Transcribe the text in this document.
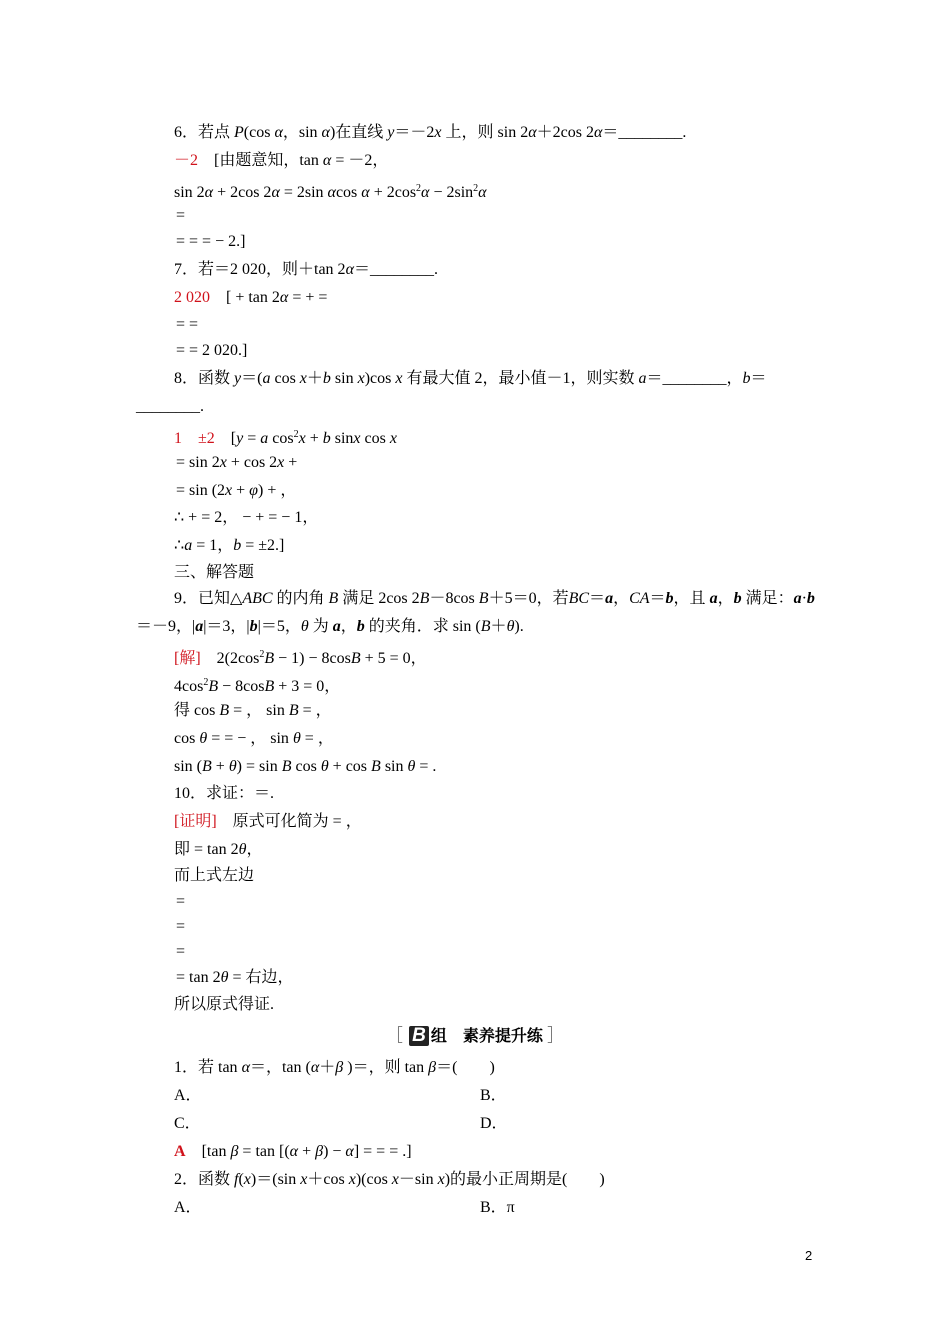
［ B 组　素养提升练 ］
2
6．若点 P(cos α，sin α)在直线 y＝－2x 上，则 sin 2α＋2cos 2α＝________.
－2　[由题意知，tan α = －2，
sin 2α + 2cos 2α = 2sin αcos $\alpha + 2\cos^2\alpha - 2\sin^2\alpha$
=
= = = − 2.]
7．若＝2 020，则＋tan 2α＝________.
2 020　[ + tan 2α = + =
= =
= = 2 020.]
8．函数 y＝(a cos x＋b sin x)cos x 有最大值 2，最小值－1，则实数 a＝________，b＝
________.
1　±2　[y = a $\cos^2x + b$ sinx cos x
= sin 2x + cos 2x +
= sin (2x + φ) + ，
∴ + = 2， − + = − 1，
∴a = 1，b = ±2.]
三、解答题
9．已知△ABC 的内角 B 满足 2cos 2B－8cos B＋5＝0，若BC＝a，CA＝b，且 a，b 满足：a·b
＝－9，|a|＝3，|b|＝5，θ 为 a，b 的夹角．求 sin (B＋θ).
[解]　$2(2\cos^2B - 1) - 8\cos B + 5 = 0$，
$4\cos^2B - 8\cos B + 3 = 0$，
得 cos B = ， sin B = ，
cos θ = = − ， sin θ = ，
sin (B + θ) = sin B cos θ + cos B sin θ = .
10．求证：＝.
[证明]　原式可化简为 = ，
即 = tan 2θ，
而上式左边
=
=
=
= tan 2θ = 右边，
所以原式得证.
1．若 tan α＝，tan (α＋β )＝，则 tan β＝(　　)
A．	B．
C．	D．
A　[tan β = tan [(α + β) − α] = = = .]
2．函数 f(x)＝(sin x＋cos x)(cos x－sin x)的最小正周期是(　　)
A．	B．π
